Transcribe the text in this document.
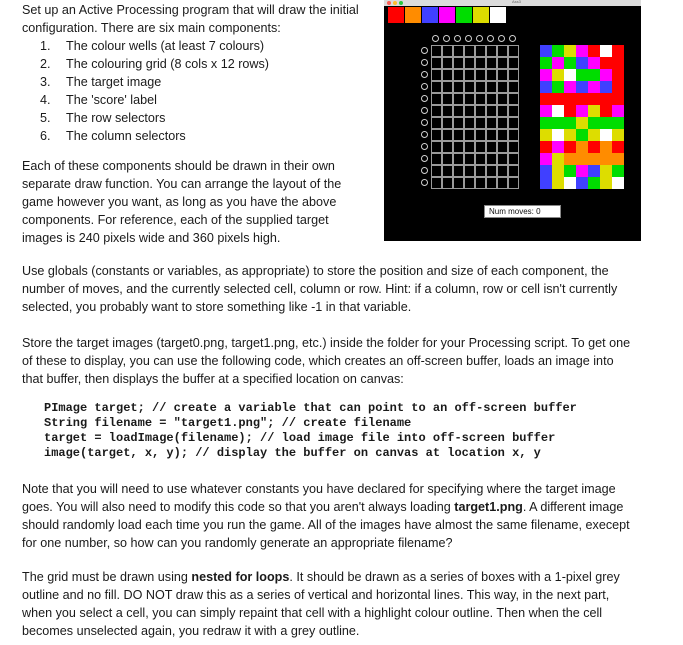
Set up an Active Processing program that will draw the initial configuration. There are six main components:

1.	The colour wells (at least 7 colours)
2.	The colouring grid (8 cols x 12 rows)
3.	The target image
4.	The 'score' label
5.	The row selectors
6.	The column selectors

Each of these components should be drawn in their own separate draw function. You can arrange the layout of the game however you want, as long as you have the above components. For reference, each of the supplied target images is 240 pixels wide and 360 pixels high.

Ass3
Num moves: 0

Use globals (constants or variables, as appropriate) to store the position and size of each component, the number of moves, and the currently selected cell, column or row. Hint: if a column, row or cell isn't currently selected, you probably want to store something like -1 in that variable.

Store the target images (target0.png, target1.png, etc.) inside the folder for your Processing script. To get one of these to display, you can use the following code, which creates an off-screen buffer, loads an image into that buffer, then displays the buffer at a specified location on canvas:

PImage target; // create a variable that can point to an off-screen buffer
String filename = "target1.png"; // create filename
target = loadImage(filename); // load image file into off-screen buffer
image(target, x, y); // display the buffer on canvas at location x, y

Note that you will need to use whatever constants you have declared for specifying where the target image goes. You will also need to modify this code so that you aren't always loading target1.png. A different image should randomly load each time you run the game. All of the images have almost the same filename, execept for one number, so how can you randomly generate an appropriate filename?

The grid must be drawn using nested for loops. It should be drawn as a series of boxes with a 1-pixel grey outline and no fill. DO NOT draw this as a series of vertical and horizontal lines. This way, in the next part, when you select a cell, you can simply repaint that cell with a highlight colour outline. Then when the cell becomes unselected again, you redraw it with a grey outline.
